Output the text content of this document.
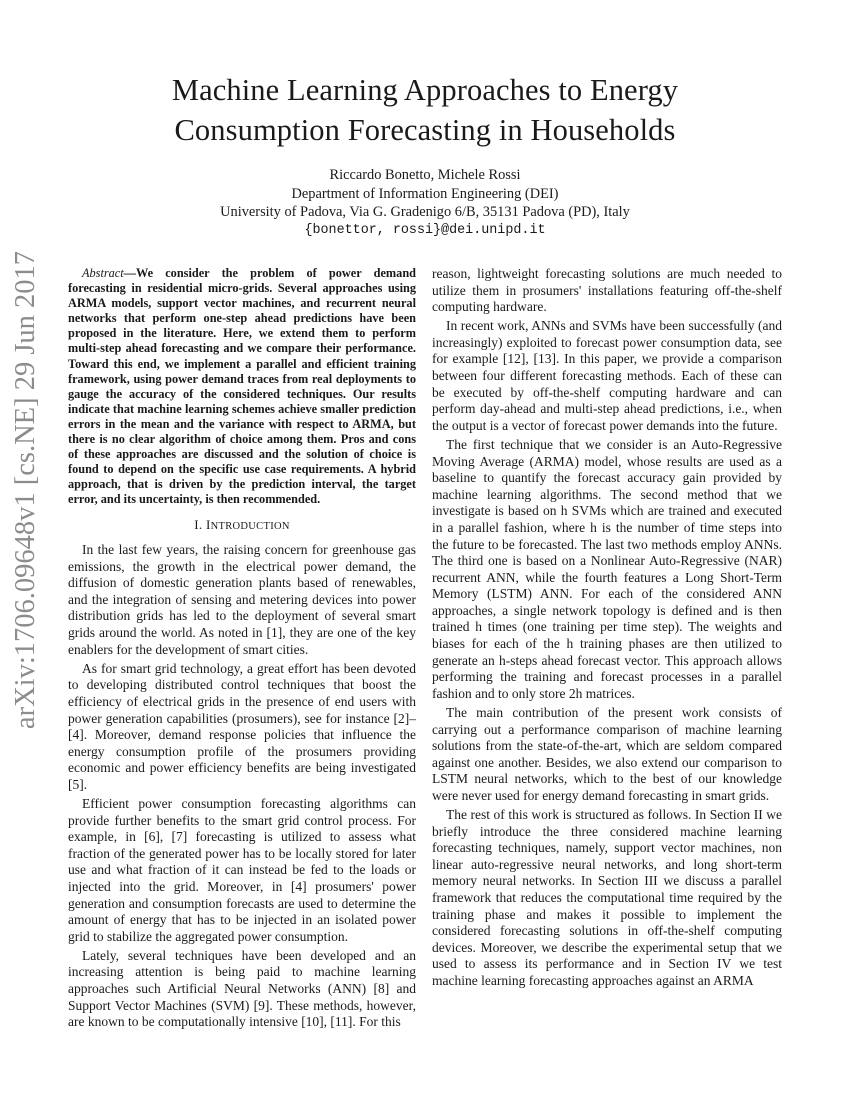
Machine Learning Approaches to Energy
Consumption Forecasting in Households
Riccardo Bonetto, Michele Rossi
Department of Information Engineering (DEI)
University of Padova, Via G. Gradenigo 6/B, 35131 Padova (PD), Italy
{bonettor, rossi}@dei.unipd.it
arXiv:1706.09648v1 [cs.NE] 29 Jun 2017	Abstract—We consider the problem of power demand forecasting in residential micro-grids. Several approaches using ARMA models, support vector machines, and recurrent neural networks that perform one-step ahead predictions have been proposed in the literature. Here, we extend them to perform multi-step ahead forecasting and we compare their performance. Toward this end, we implement a parallel and efficient training framework, using power demand traces from real deployments to gauge the accuracy of the considered techniques. Our results indicate that machine learning schemes achieve smaller prediction errors in the mean and the variance with respect to ARMA, but there is no clear algorithm of choice among them. Pros and cons of these approaches are discussed and the solution of choice is found to depend on the specific use case requirements. A hybrid approach, that is driven by the prediction interval, the target error, and its uncertainty, is then recommended.

I. INTRODUCTION

In the last few years, the raising concern for greenhouse gas emissions, the growth in the electrical power demand, the diffusion of domestic generation plants based of renewables, and the integration of sensing and metering devices into power distribution grids has led to the deployment of several smart grids around the world. As noted in [1], they are one of the key enablers for the development of smart cities.

As for smart grid technology, a great effort has been devoted to developing distributed control techniques that boost the efficiency of electrical grids in the presence of end users with power generation capabilities (prosumers), see for instance [2]–[4]. Moreover, demand response policies that influence the energy consumption profile of the prosumers providing economic and power efficiency benefits are being investigated [5].

Efficient power consumption forecasting algorithms can provide further benefits to the smart grid control process. For example, in [6], [7] forecasting is utilized to assess what fraction of the generated power has to be locally stored for later use and what fraction of it can instead be fed to the loads or injected into the grid. Moreover, in [4] prosumers' power generation and consumption forecasts are used to determine the amount of energy that has to be injected in an isolated power grid to stabilize the aggregated power consumption.

Lately, several techniques have been developed and an increasing attention is being paid to machine learning approaches such Artificial Neural Networks (ANN) [8] and Support Vector Machines (SVM) [9]. These methods, however, are known to be computationally intensive [10], [11]. For this

reason, lightweight forecasting solutions are much needed to utilize them in prosumers' installations featuring off-the-shelf computing hardware.

In recent work, ANNs and SVMs have been successfully (and increasingly) exploited to forecast power consumption data, see for example [12], [13]. In this paper, we provide a comparison between four different forecasting methods. Each of these can be executed by off-the-shelf computing hardware and can perform day-ahead and multi-step ahead predictions, i.e., when the output is a vector of forecast power demands into the future.

The first technique that we consider is an Auto-Regressive Moving Average (ARMA) model, whose results are used as a baseline to quantify the forecast accuracy gain provided by machine learning algorithms. The second method that we investigate is based on h SVMs which are trained and executed in a parallel fashion, where h is the number of time steps into the future to be forecasted. The last two methods employ ANNs. The third one is based on a Nonlinear Auto-Regressive (NAR) recurrent ANN, while the fourth features a Long Short-Term Memory (LSTM) ANN. For each of the considered ANN approaches, a single network topology is defined and is then trained h times (one training per time step). The weights and biases for each of the h training phases are then utilized to generate an h-steps ahead forecast vector. This approach allows performing the training and forecast processes in a parallel fashion and to only store 2h matrices.

The main contribution of the present work consists of carrying out a performance comparison of machine learning solutions from the state-of-the-art, which are seldom compared against one another. Besides, we also extend our comparison to LSTM neural networks, which to the best of our knowledge were never used for energy demand forecasting in smart grids.

The rest of this work is structured as follows. In Section II we briefly introduce the three considered machine learning forecasting techniques, namely, support vector machines, non linear auto-regressive neural networks, and long short-term memory neural networks. In Section III we discuss a parallel framework that reduces the computational time required by the training phase and makes it possible to implement the considered forecasting solutions in off-the-shelf computing devices. Moreover, we describe the experimental setup that we used to assess its performance and in Section IV we test machine learning forecasting approaches against an ARMA
